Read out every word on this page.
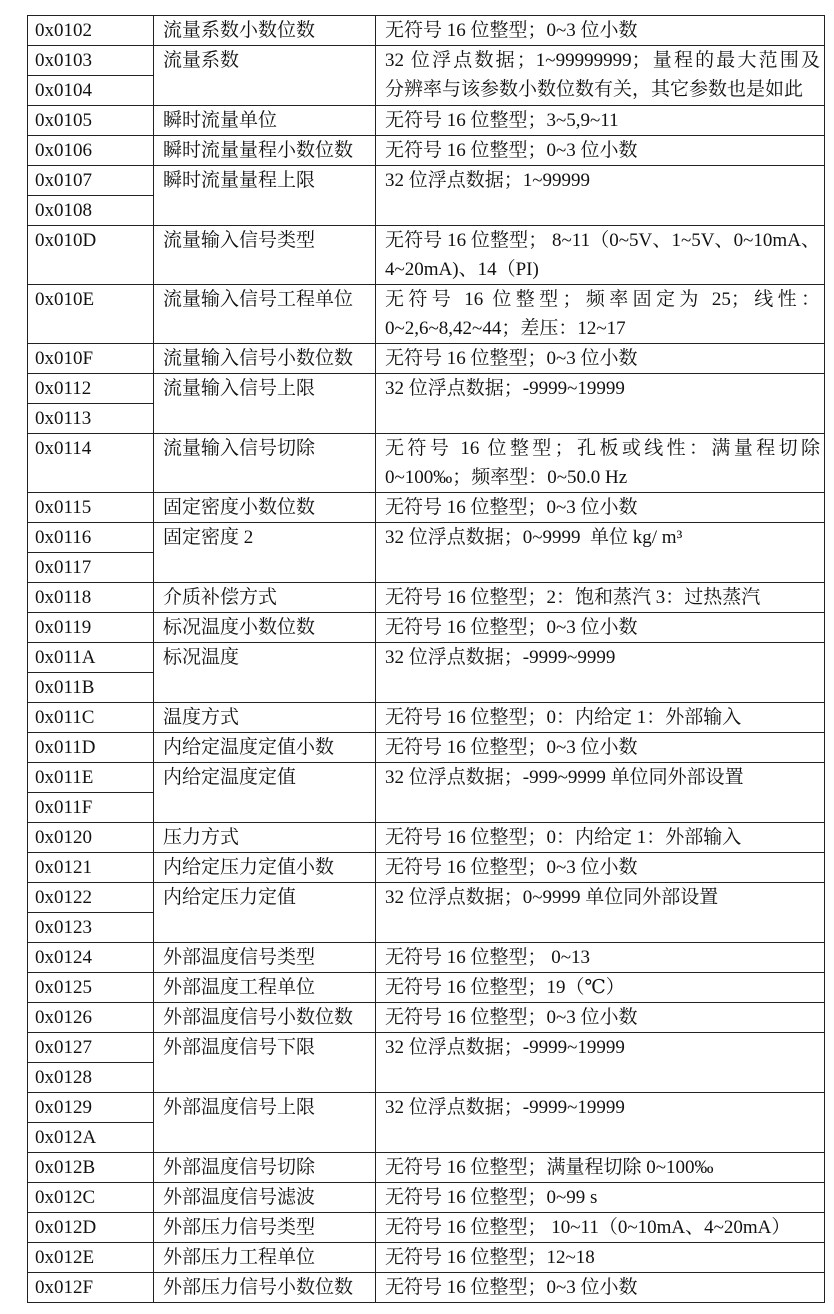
0x0102	流量系数小数位数	无符号 16 位整型；0~3 位小数
0x0103	流量系数	32 位浮点数据；1~99999999；量程的最大范围及
分辨率与该参数小数位数有关，其它参数也是如此

0x0104		
0x0105	瞬时流量单位	无符号 16 位整型；3~5,9~11
0x0106	瞬时流量量程小数位数	无符号 16 位整型；0~3 位小数
0x0107	瞬时流量量程上限	32 位浮点数据；1~99999
0x0108		
0x010D	流量输入信号类型	无符号 16 位整型； 8~11（0~5V、1~5V、0~10mA、
4~20mA)、14（PI)

0x010E	流量输入信号工程单位	无符号 16 位整型；频率固定为 25；线性：
0~2,6~8,42~44；差压：12~17

0x010F	流量输入信号小数位数	无符号 16 位整型；0~3 位小数
0x0112	流量输入信号上限	32 位浮点数据；-9999~19999
0x0113		
0x0114	流量输入信号切除	无符号 16 位整型；孔板或线性：满量程切除
0~100‰；频率型：0~50.0 Hz

0x0115	固定密度小数位数	无符号 16 位整型；0~3 位小数
0x0116	固定密度 2	32 位浮点数据；0~9999  单位 kg/ m³
0x0117		
0x0118	介质补偿方式	无符号 16 位整型；2：饱和蒸汽 3：过热蒸汽
0x0119	标况温度小数位数	无符号 16 位整型；0~3 位小数
0x011A	标况温度	32 位浮点数据；-9999~9999
0x011B		
0x011C	温度方式	无符号 16 位整型；0：内给定 1：外部输入
0x011D	内给定温度定值小数	无符号 16 位整型；0~3 位小数
0x011E	内给定温度定值	32 位浮点数据；-999~9999 单位同外部设置
0x011F		
0x0120	压力方式	无符号 16 位整型；0：内给定 1：外部输入
0x0121	内给定压力定值小数	无符号 16 位整型；0~3 位小数
0x0122	内给定压力定值	32 位浮点数据；0~9999 单位同外部设置
0x0123		
0x0124	外部温度信号类型	无符号 16 位整型； 0~13
0x0125	外部温度工程单位	无符号 16 位整型；19（℃）
0x0126	外部温度信号小数位数	无符号 16 位整型；0~3 位小数
0x0127	外部温度信号下限	32 位浮点数据；-9999~19999
0x0128		
0x0129	外部温度信号上限	32 位浮点数据；-9999~19999
0x012A		
0x012B	外部温度信号切除	无符号 16 位整型；满量程切除 0~100‰
0x012C	外部温度信号滤波	无符号 16 位整型；0~99 s
0x012D	外部压力信号类型	无符号 16 位整型； 10~11（0~10mA、4~20mA）
0x012E	外部压力工程单位	无符号 16 位整型；12~18
0x012F	外部压力信号小数位数	无符号 16 位整型；0~3 位小数
